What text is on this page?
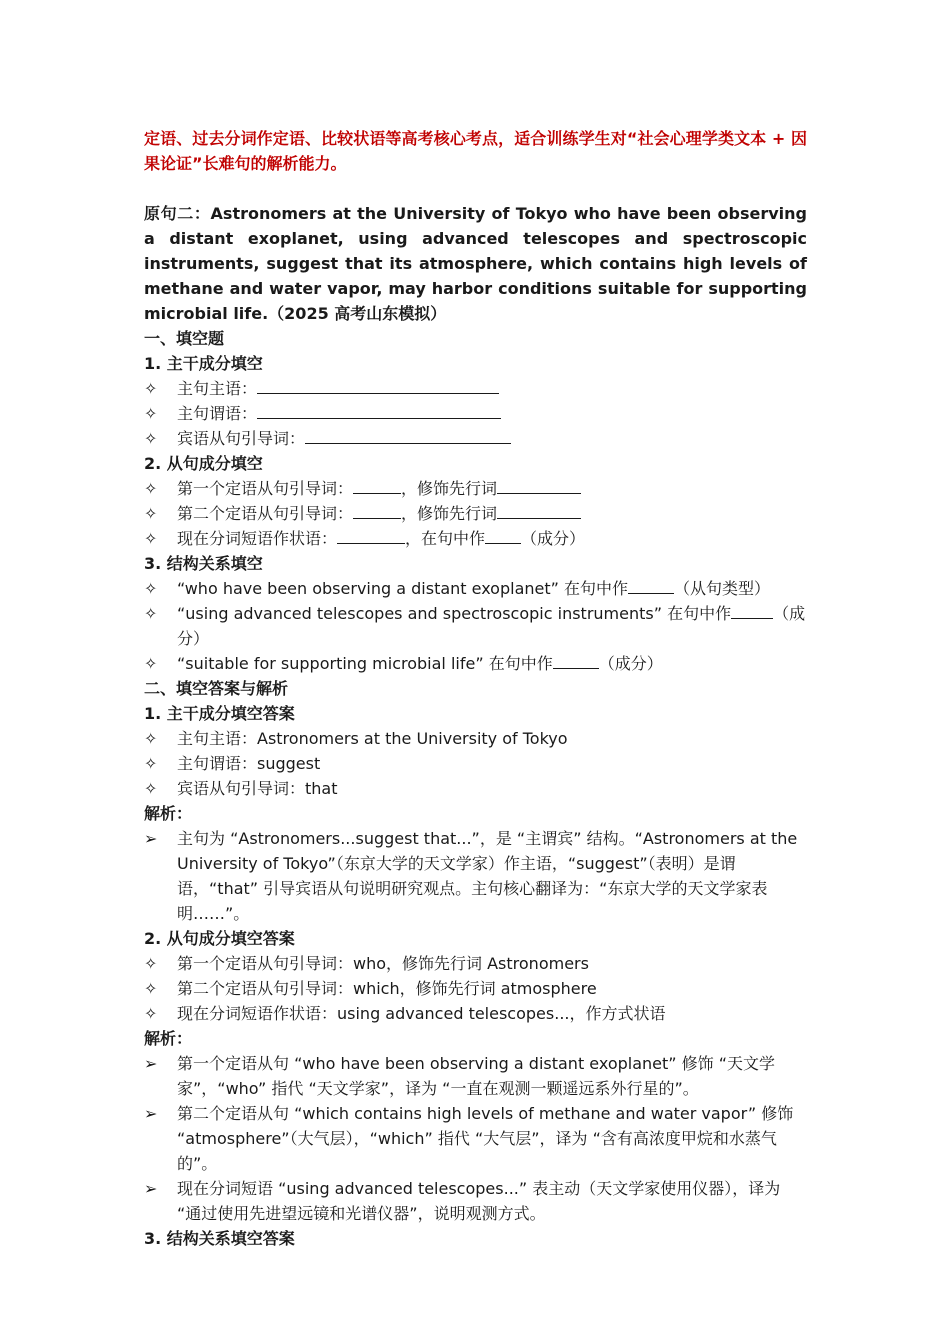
定语、过去分词作定语、比较状语等高考核心考点，适合训练学生对“社会心理学类文本 + 因果论证”长难句的解析能力。
原句二：Astronomers at the University of Tokyo who have been observing a distant exoplanet, using advanced telescopes and spectroscopic instruments, suggest that its atmosphere, which contains high levels of methane and water vapor, may harbor conditions suitable for supporting microbial life.（2025 高考山东模拟）
一、填空题
1. 主干成分填空
✧	主句主语：
✧	主句谓语：
✧	宾语从句引导词：
2. 从句成分填空
✧	第一个定语从句引导词：	，修饰先行词
✧	第二个定语从句引导词：	，修饰先行词
✧	现在分词短语作状语：	，在句中作 （成分）
3. 结构关系填空
✧	“who have been observing a distant exoplanet” 在句中作	（从句类型）
✧	“using advanced telescopes and spectroscopic instruments” 在句中作	（成分）
✧	“suitable for supporting microbial life” 在句中作	（成分）
二、填空答案与解析
1. 主干成分填空答案
✧	主句主语：Astronomers at the University of Tokyo
✧	主句谓语：suggest
✧	宾语从句引导词：that
解析：
➢	主句为 “Astronomers...suggest that...”，是 “主谓宾” 结构。“Astronomers at the University of Tokyo”（东京大学的天文学家）作主语，“suggest”（表明）是谓语，“that” 引导宾语从句说明研究观点。主句核心翻译为：“东京大学的天文学家表明……”。
2. 从句成分填空答案
✧	第一个定语从句引导词：who，修饰先行词 Astronomers
✧	第二个定语从句引导词：which，修饰先行词 atmosphere
✧	现在分词短语作状语：using advanced telescopes...，作方式状语
解析：
➢	第一个定语从句 “who have been observing a distant exoplanet” 修饰 “天文学家”，“who” 指代 “天文学家”，译为 “一直在观测一颗遥远系外行星的”。
➢	第二个定语从句 “which contains high levels of methane and water vapor” 修饰 “atmosphere”（大气层），“which” 指代 “大气层”，译为 “含有高浓度甲烷和水蒸气的”。
➢	现在分词短语 “using advanced telescopes...” 表主动（天文学家使用仪器），译为 “通过使用先进望远镜和光谱仪器”，说明观测方式。
3. 结构关系填空答案
